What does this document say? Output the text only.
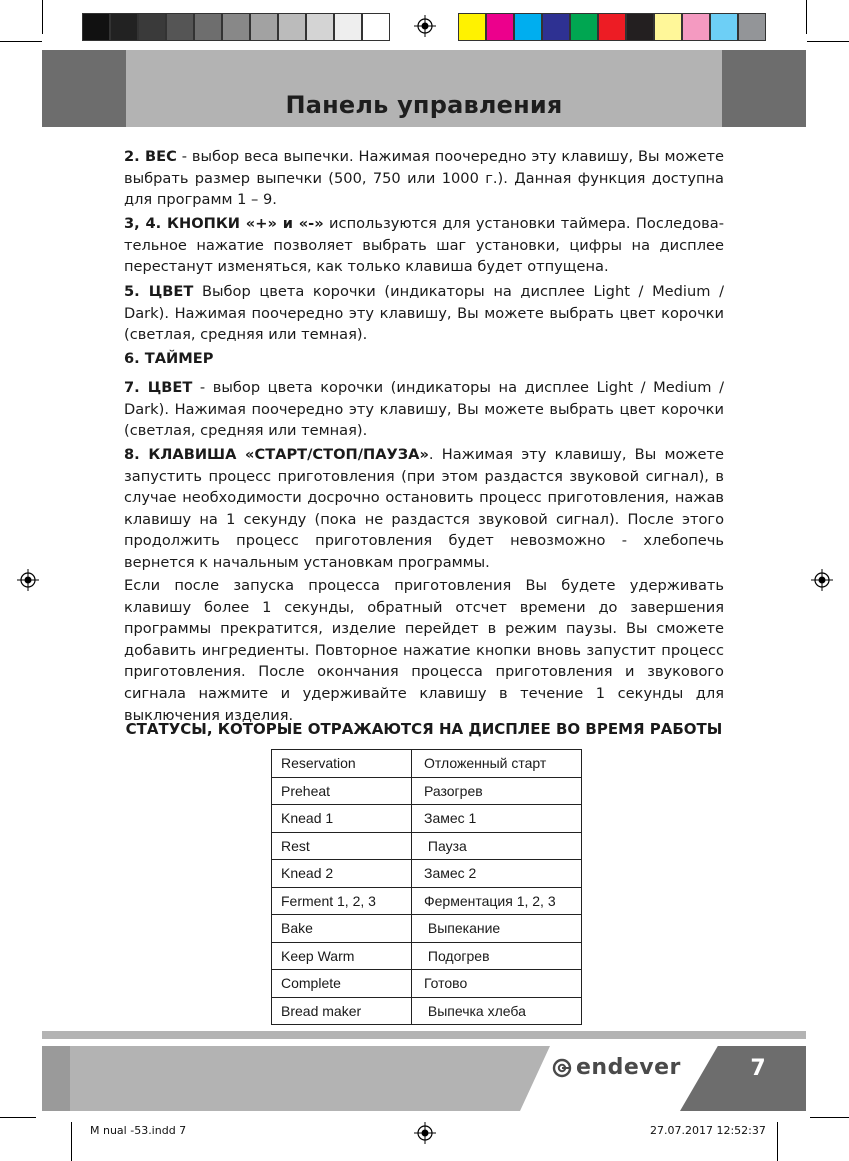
Панель управления
2. ВЕС - выбор веса выпечки. Нажимая поочередно эту клавишу, Вы можете выбрать размер выпечки (500, 750 или 1000 г.). Данная функция доступна для программ 1 – 9.
3, 4. КНОПКИ «+» и «-» используются для установки таймера. Последова-тельное нажатие позволяет выбрать шаг установки, цифры на дисплее перестанут изменяться, как только клавиша будет отпущена.
5. ЦВЕТ Выбор цвета корочки (индикаторы на дисплее Light / Medium / Dark). Нажимая поочередно эту клавишу, Вы можете выбрать цвет корочки (светлая, средняя или темная).
6. ТАЙМЕР
7. ЦВЕТ - выбор цвета корочки (индикаторы на дисплее Light / Medium / Dark). Нажимая поочередно эту клавишу, Вы можете выбрать цвет корочки (светлая, средняя или темная).
8. КЛАВИША «СТАРТ/СТОП/ПАУЗА». Нажимая эту клавишу, Вы можете запустить процесс приготовления (при этом раздастся звуковой сигнал), в случае необходимости досрочно остановить процесс приготовления, нажав клавишу на 1 секунду (пока не раздастся звуковой сигнал). После этого продолжить процесс приготовления будет невозможно - хлебопечь вернется к начальным установкам программы.
Если после запуска процесса приготовления Вы будете удерживать клавишу более 1 секунды, обратный отсчет времени до завершения программы прекратится, изделие перейдет в режим паузы. Вы сможете добавить ингредиенты. Повторное нажатие кнопки вновь запустит процесс приготовления. После окончания процесса приготовления и звукового сигнала нажмите и удерживайте клавишу в течение 1 секунды для выключения изделия.
СТАТУСЫ, КОТОРЫЕ ОТРАЖАЮТСЯ НА ДИСПЛЕЕ ВО ВРЕМЯ РАБОТЫ
Reservation	Отложенный старт
Preheat	Разогрев
Knead 1	Замес 1
Rest	Пауза
Knead 2	Замес 2
Ferment 1, 2, 3	Ферментация 1, 2, 3
Bake	Выпекание
Keep Warm	Подогрев
Complete	Готово
Bread maker	Выпечка хлеба
7
endever
M nual -53.indd 7	27.07.2017 12:52:37
